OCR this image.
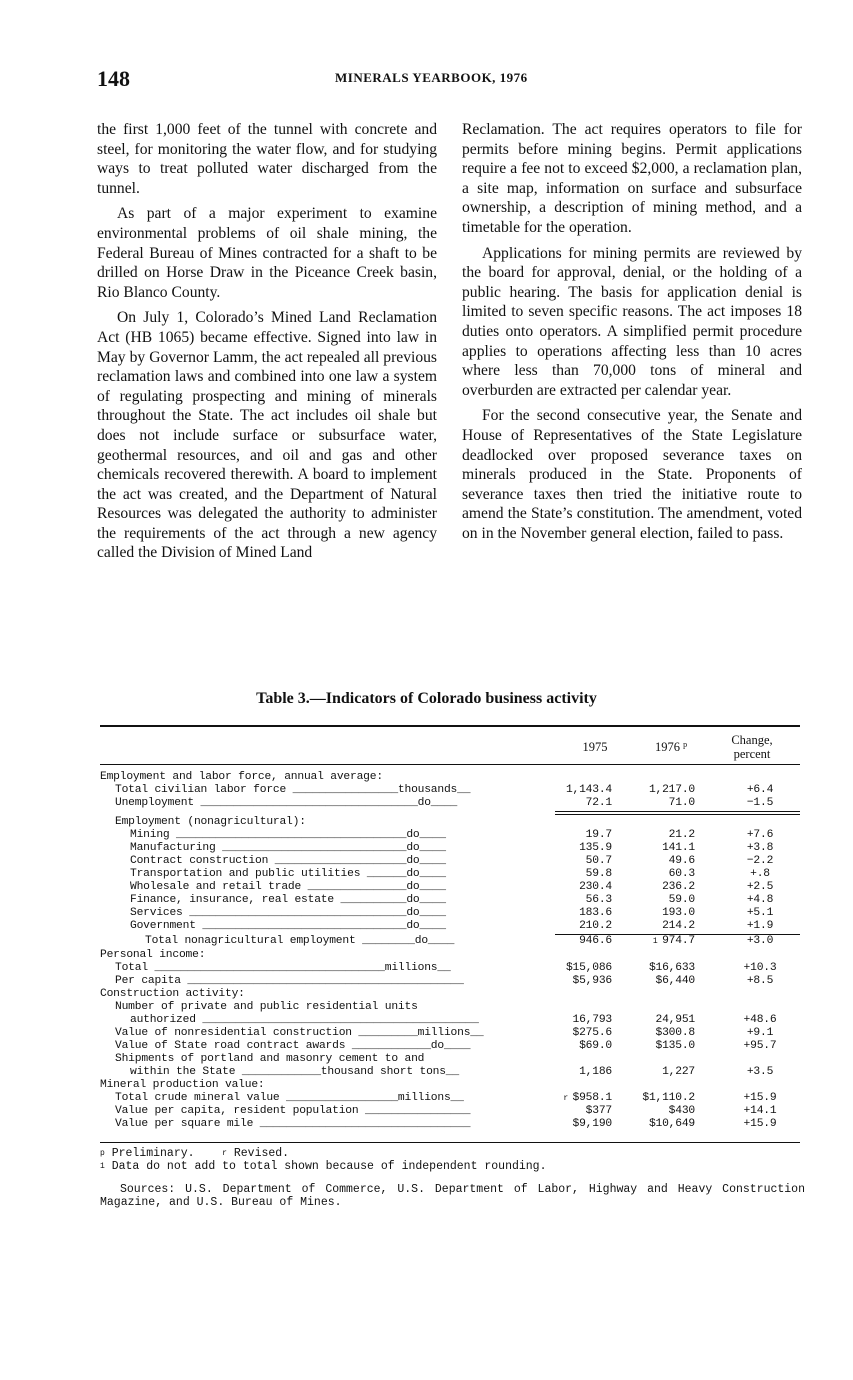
148	MINERALS YEARBOOK, 1976

the first 1,000 feet of the tunnel with concrete and steel, for monitoring the water flow, and for studying ways to treat polluted water discharged from the tunnel.

As part of a major experiment to examine environmental problems of oil shale mining, the Federal Bureau of Mines contracted for a shaft to be drilled on Horse Draw in the Piceance Creek basin, Rio Blanco County.

On July 1, Colorado’s Mined Land Reclamation Act (HB 1065) became effective. Signed into law in May by Governor Lamm, the act repealed all previous reclamation laws and combined into one law a system of regulating prospecting and mining of minerals throughout the State. The act includes oil shale but does not include surface or subsurface water, geothermal resources, and oil and gas and other chemicals recovered therewith. A board to implement the act was created, and the Department of Natural Resources was delegated the authority to administer the requirements of the act through a new agency called the Division of Mined Land

Reclamation. The act requires operators to file for permits before mining begins. Permit applications require a fee not to exceed $2,000, a reclamation plan, a site map, information on surface and subsurface ownership, a description of mining method, and a timetable for the operation.

Applications for mining permits are reviewed by the board for approval, denial, or the holding of a public hearing. The basis for application denial is limited to seven specific reasons. The act imposes 18 duties onto operators. A simplified permit procedure applies to operations affecting less than 10 acres where less than 70,000 tons of mineral and overburden are extracted per calendar year.

For the second consecutive year, the Senate and House of Representatives of the State Legislature deadlocked over proposed severance taxes on minerals produced in the State. Proponents of severance taxes then tried the initiative route to amend the State’s constitution. The amendment, voted on in the November general election, failed to pass.

Table 3.—Indicators of Colorado business activity
1975	1976 $^p$	Change,
percent
Employment and labor force, annual average:
Total civilian labor force ________________thousands__	1,143.4	1,217.0	+6.4
Unemployment _________________________________do____	72.1	71.0	−1.5
Employment (nonagricultural):
Mining ___________________________________do____	19.7	21.2	+7.6
Manufacturing ____________________________do____	135.9	141.1	+3.8
Contract construction ____________________do____	50.7	49.6	−2.2
Transportation and public utilities ______do____	59.8	60.3	+.8
Wholesale and retail trade _______________do____	230.4	236.2	+2.5
Finance, insurance, real estate __________do____	56.3	59.0	+4.8
Services _________________________________do____	183.6	193.0	+5.1
Government _______________________________do____	210.2	214.2	+1.9
Total nonagricultural employment ________do____	946.6	$^1$ 974.7	+3.0
Personal income:
Total ___________________________________millions__	$15,086	$16,633	+10.3
Per capita __________________________________________	$5,936	$6,440	+8.5
Construction activity:
Number of private and public residential units
authorized __________________________________________	16,793	24,951	+48.6
Value of nonresidential construction _________millions__	$275.6	$300.8	+9.1
Value of State road contract awards ____________do____	$69.0	$135.0	+95.7
Shipments of portland and masonry cement to and
within the State ____________thousand short tons__	1,186	1,227	+3.5
Mineral production value:
Total crude mineral value _________________millions__	$^r$ $958.1	$1,110.2	+15.9
Value per capita, resident population ________________	$377	$430	+14.1
Value per square mile ________________________________	$9,190	$10,649	+15.9
$^p$ Preliminary.	$^r$ Revised.
$^1$ Data do not add to total shown because of independent rounding.
Sources: U.S. Department of Commerce, U.S. Department of Labor, Highway and Heavy Construction Magazine, and U.S. Bureau of Mines.
